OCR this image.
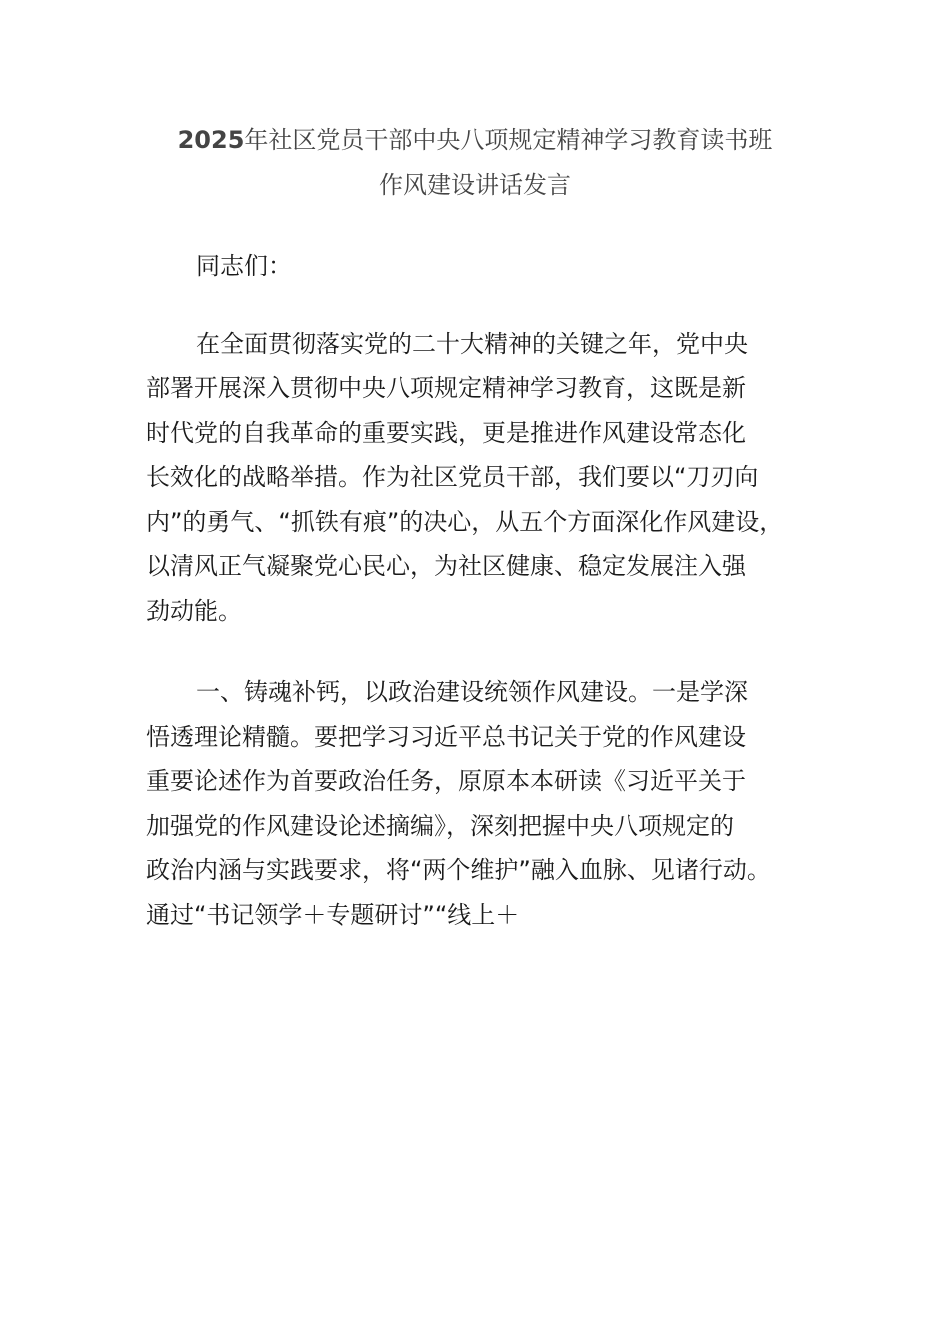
2025年社区党员干部中央八项规定精神学习教育读书班
作风建设讲话发言
同志们：
在全面贯彻落实党的二十大精神的关键之年，党中央
部署开展深入贯彻中央八项规定精神学习教育，这既是新
时代党的自我革命的重要实践，更是推进作风建设常态化
长效化的战略举措。作为社区党员干部，我们要以“刀刃向
内”的勇气、“抓铁有痕”的决心，从五个方面深化作风建设，
以清风正气凝聚党心民心，为社区健康、稳定发展注入强
劲动能。
一、铸魂补钙，以政治建设统领作风建设。一是学深
悟透理论精髓。要把学习习近平总书记关于党的作风建设
重要论述作为首要政治任务，原原本本研读《习近平关于
加强党的作风建设论述摘编》，深刻把握中央八项规定的
政治内涵与实践要求，将“两个维护”融入血脉、见诸行动。
通过“书记领学＋专题研讨”“线上＋
